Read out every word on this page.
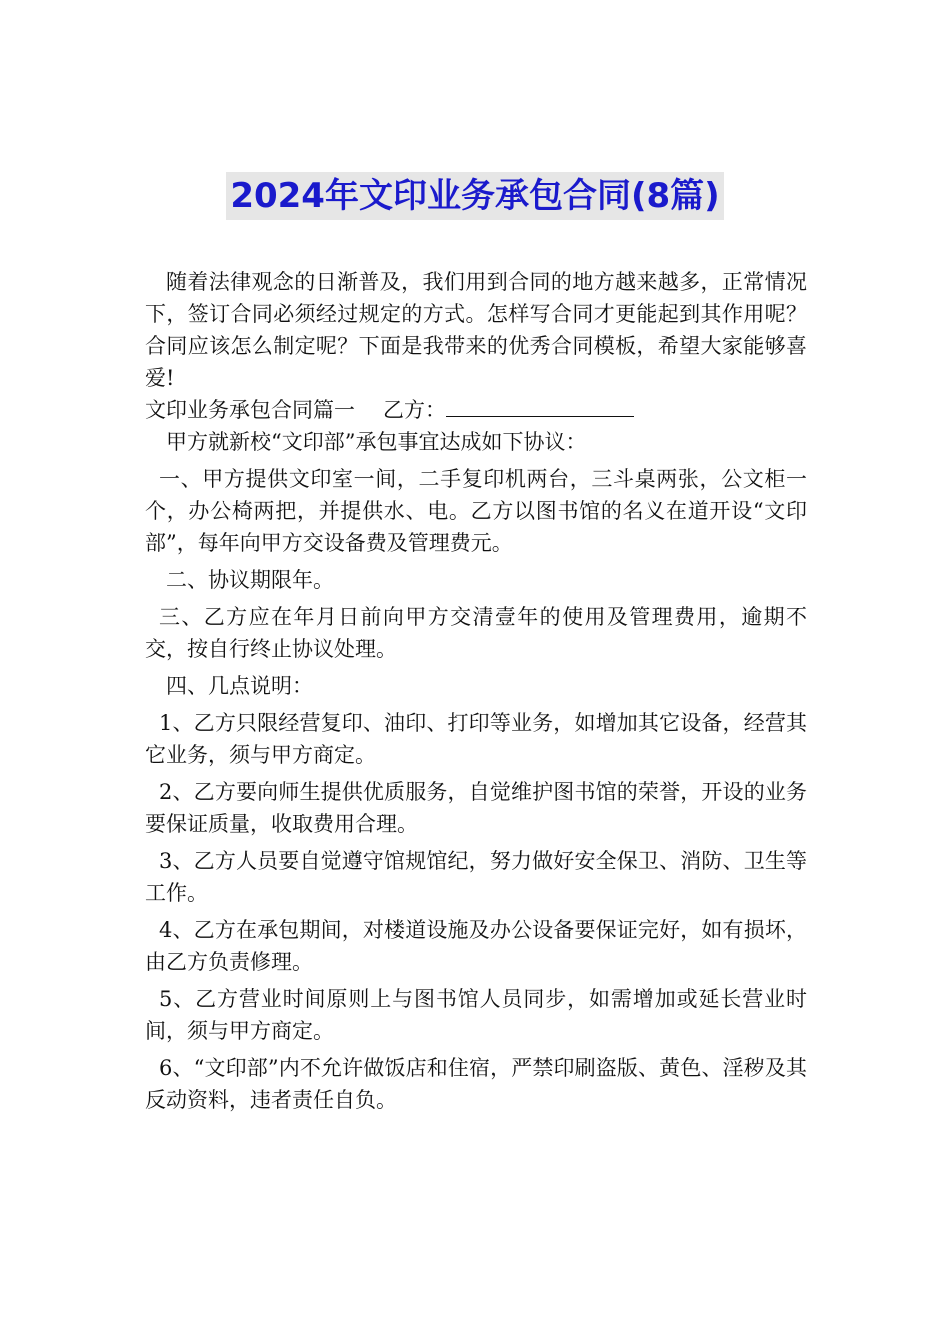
2024年文印业务承包合同(8篇)

随着法律观念的日渐普及，我们用到合同的地方越来越多，正常情况下，签订合同必须经过规定的方式。怎样写合同才更能起到其作用呢？合同应该怎么制定呢？下面是我带来的优秀合同模板，希望大家能够喜爱!

文印业务承包合同篇一 乙方：

甲方就新校“文印部”承包事宜达成如下协议：

一、甲方提供文印室一间，二手复印机两台，三斗桌两张，公文柜一个，办公椅两把，并提供水、电。乙方以图书馆的名义在道开设“文印部”，每年向甲方交设备费及管理费元。

二、协议期限年。

三、乙方应在年月日前向甲方交清壹年的使用及管理费用，逾期不交，按自行终止协议处理。

四、几点说明：

1、乙方只限经营复印、油印、打印等业务，如增加其它设备，经营其它业务，须与甲方商定。

2、乙方要向师生提供优质服务，自觉维护图书馆的荣誉，开设的业务要保证质量，收取费用合理。

3、乙方人员要自觉遵守馆规馆纪，努力做好安全保卫、消防、卫生等工作。

4、乙方在承包期间，对楼道设施及办公设备要保证完好，如有损坏，由乙方负责修理。

5、乙方营业时间原则上与图书馆人员同步，如需增加或延长营业时间，须与甲方商定。

6、“文印部”内不允许做饭店和住宿，严禁印刷盗版、黄色、淫秽及其反动资料，违者责任自负。
